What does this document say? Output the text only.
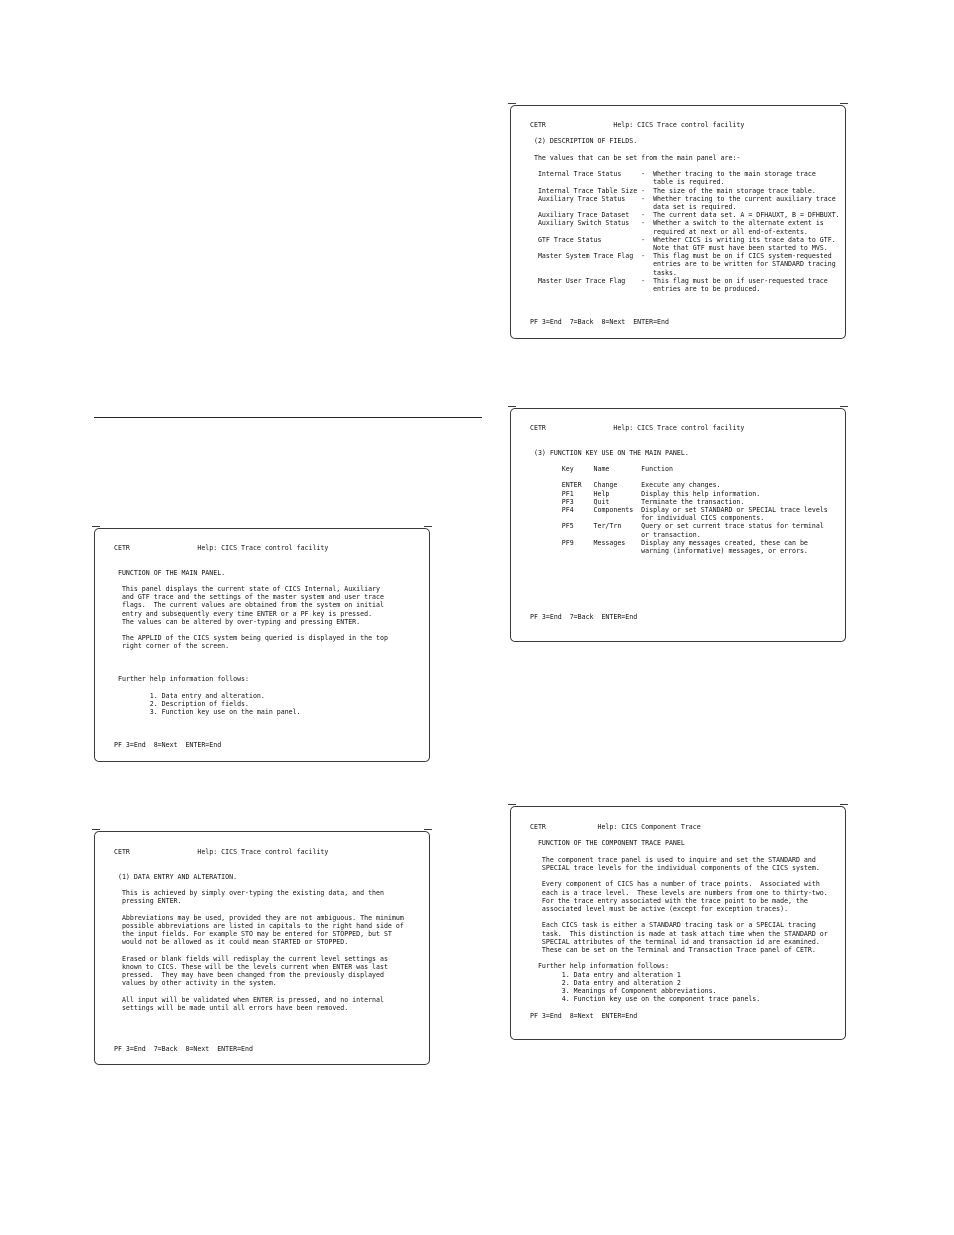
CETR                 Help: CICS Trace control facility
(2) DESCRIPTION OF FIELDS.
The values that can be set from the main panel are:-
Internal Trace Status     -  Whether tracing to the main storage trace
table is required.
Internal Trace Table Size -  The size of the main storage trace table.
Auxiliary Trace Status    -  Whether tracing to the current auxiliary trace
data set is required.
Auxiliary Trace Dataset   -  The current data set. A = DFHAUXT, B = DFHBUXT.
Auxiliary Switch Status   -  Whether a switch to the alternate extent is
required at next or all end-of-extents.
GTF Trace Status          -  Whether CICS is writing its trace data to GTF.
Note that GTF must have been started to MVS.
Master System Trace Flag  -  This flag must be on if CICS system-requested
entries are to be written for STANDARD tracing
tasks.
Master User Trace Flag    -  This flag must be on if user-requested trace
entries are to be produced.
PF 3=End  7=Back  8=Next  ENTER=End
CETR                 Help: CICS Trace control facility
(3) FUNCTION KEY USE ON THE MAIN PANEL.
Key     Name        Function
ENTER   Change      Execute any changes.
PF1     Help        Display this help information.
PF3     Quit        Terminate the transaction.
PF4     Components  Display or set STANDARD or SPECIAL trace levels
for individual CICS components.
PF5     Ter/Trn     Query or set current trace status for terminal
or transaction.
PF9     Messages    Display any messages created, these can be
warning (informative) messages, or errors.
PF 3=End  7=Back  ENTER=End
CETR                 Help: CICS Trace control facility
FUNCTION OF THE MAIN PANEL.
This panel displays the current state of CICS Internal, Auxiliary
and GTF trace and the settings of the master system and user trace
flags.  The current values are obtained from the system on initial
entry and subsequently every time ENTER or a PF key is pressed.
The values can be altered by over-typing and pressing ENTER.
The APPLID of the CICS system being queried is displayed in the top
right corner of the screen.
Further help information follows:
1. Data entry and alteration.
2. Description of fields.
3. Function key use on the main panel.
PF 3=End  8=Next  ENTER=End
CETR             Help: CICS Component Trace
FUNCTION OF THE COMPONENT TRACE PANEL
The component trace panel is used to inquire and set the STANDARD and
SPECIAL trace levels for the individual components of the CICS system.
Every component of CICS has a number of trace points.  Associated with
each is a trace level.  These levels are numbers from one to thirty-two.
For the trace entry associated with the trace point to be made, the
associated level must be active (except for exception traces).
Each CICS task is either a STANDARD tracing task or a SPECIAL tracing
task.  This distinction is made at task attach time when the STANDARD or
SPECIAL attributes of the terminal id and transaction id are examined.
These can be set on the Terminal and Transaction Trace panel of CETR.
Further help information follows:
1. Data entry and alteration 1
2. Data entry and alteration 2
3. Meanings of Component abbreviations.
4. Function key use on the component trace panels.
PF 3=End  8=Next  ENTER=End
CETR                 Help: CICS Trace control facility
(1) DATA ENTRY AND ALTERATION.
This is achieved by simply over-typing the existing data, and then
pressing ENTER.
Abbreviations may be used, provided they are not ambiguous. The minimum
possible abbreviations are listed in capitals to the right hand side of
the input fields. For example STO may be entered for STOPPED, but ST
would not be allowed as it could mean STARTED or STOPPED.
Erased or blank fields will redisplay the current level settings as
known to CICS. These will be the levels current when ENTER was last
pressed.  They may have been changed from the previously displayed
values by other activity in the system.
All input will be validated when ENTER is pressed, and no internal
settings will be made until all errors have been removed.
PF 3=End  7=Back  8=Next  ENTER=End
